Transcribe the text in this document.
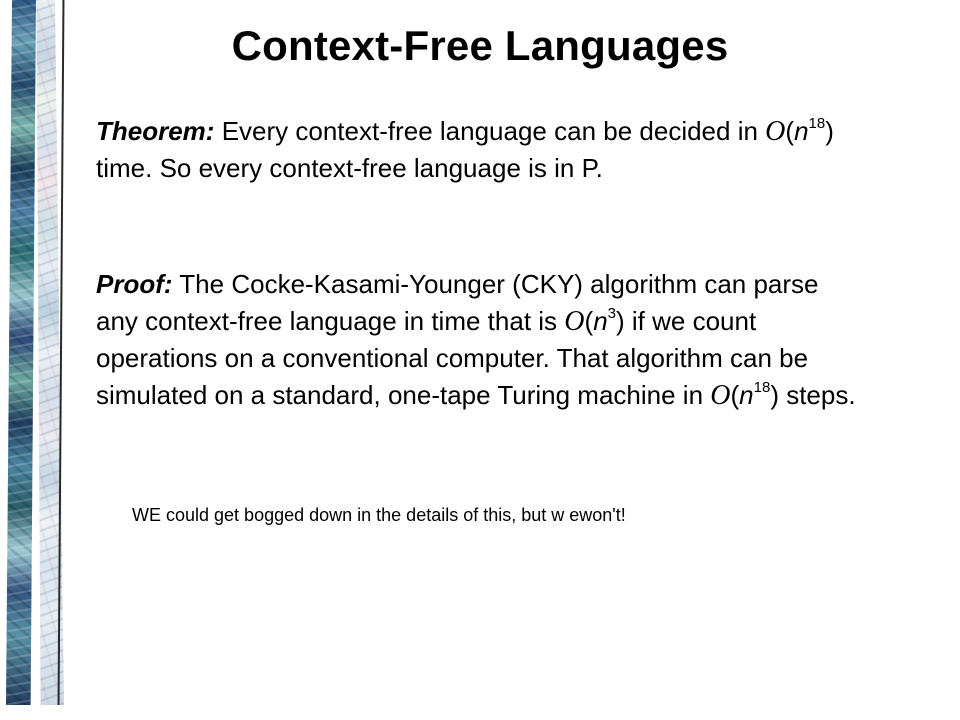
Context-Free Languages
Theorem: Every context-free language can be decided in $O(n^{18})$ time. So every context-free language is in P.
Proof: The Cocke-Kasami-Younger (CKY) algorithm can parse any context-free language in time that is $O(n^3)$ if we count operations on a conventional computer. That algorithm can be simulated on a standard, one-tape Turing machine in $O(n^{18})$ steps.
WE could get bogged down in the details of this, but w ewon't!
